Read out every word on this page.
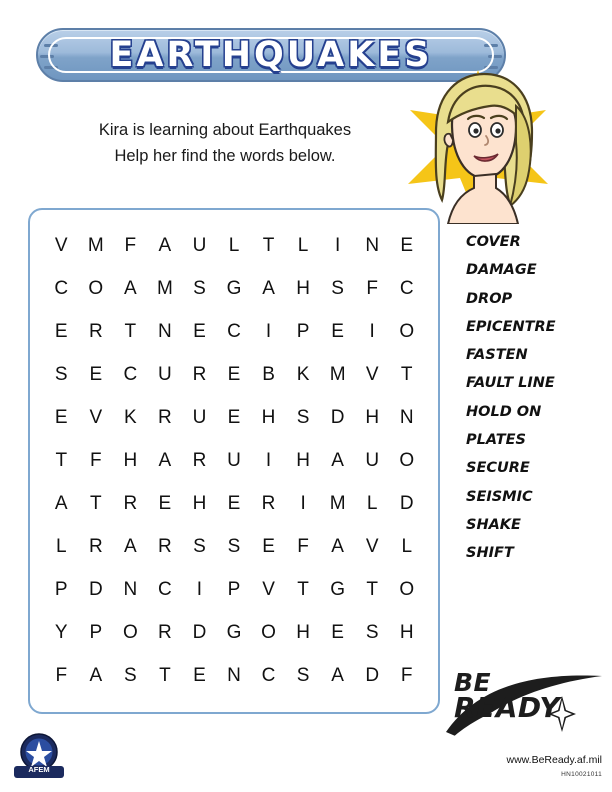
EARTHQUAKES
Kira is learning about Earthquakes
Help her find the words below.
V M F A U L T L I N E
C O A M S G A H S F C
E R T N E C I P E I O
S E C U R E B K M V T
E V K R U E H S D H N
T F H A R U I H A U O
A T R E H E R I M L D
L R A R S S E F A V L
P D N C I P V T G T O
Y P O R D G O H E S H
F A S T E N C S A D F
COVER
DAMAGE
DROP
EPICENTRE
FASTEN
FAULT LINE
HOLD ON
PLATES
SECURE
SEISMIC
SHAKE
SHIFT
BE
READY
www.BeReady.af.mil
HN10021011
AFEM
